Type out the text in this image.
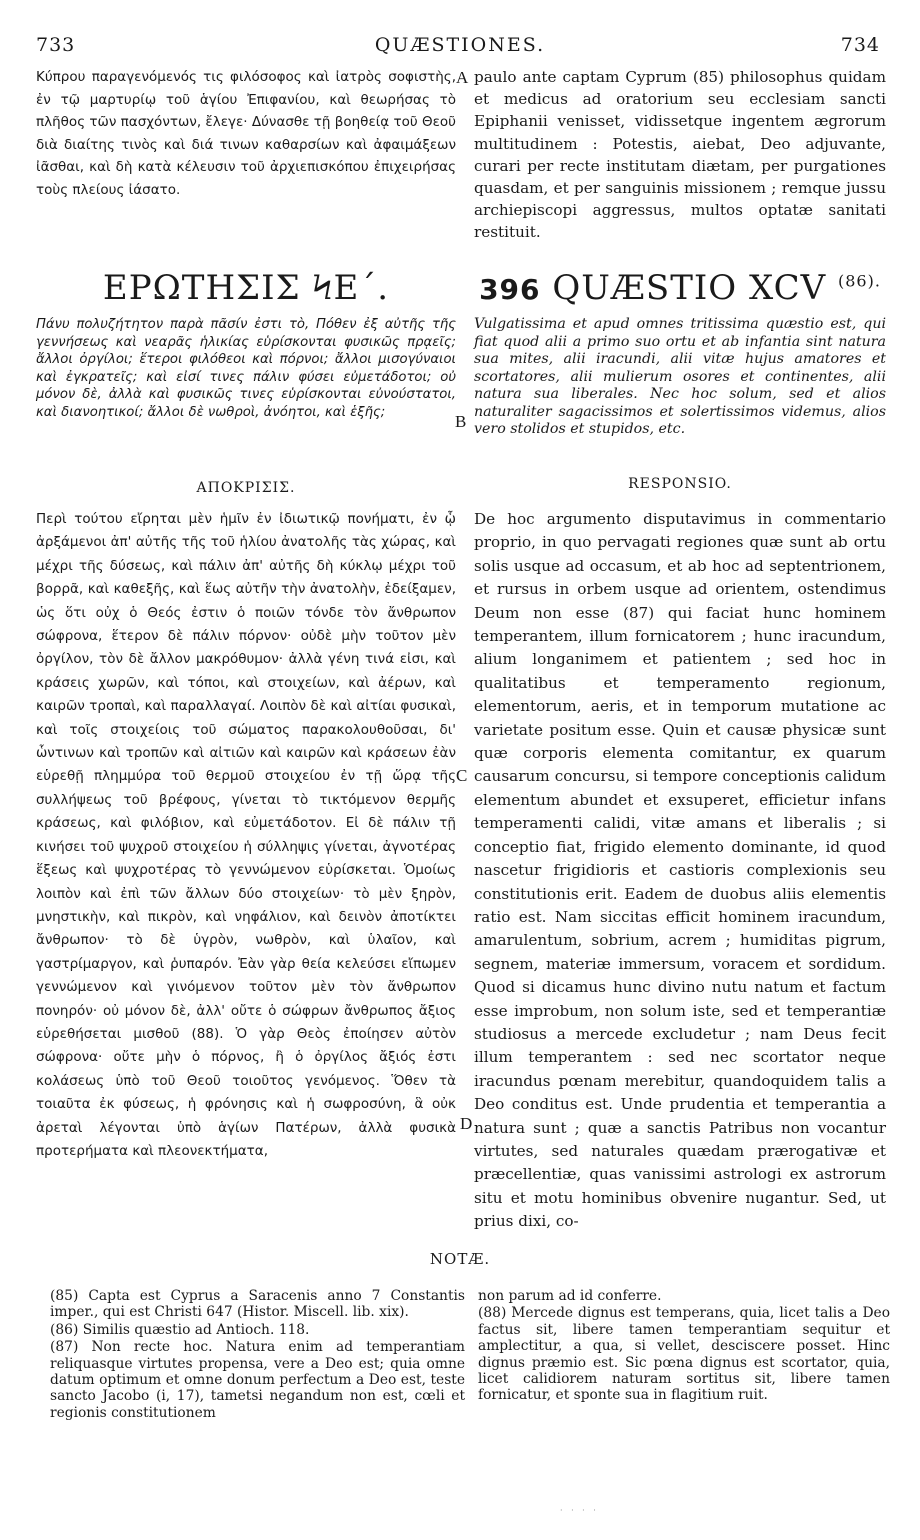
733	QUÆSTIONES.	734

Κύπρου παραγενόμενός τις φιλόσοφος καὶ ἰατρὸς σοφιστὴς, ἐν τῷ μαρτυρίῳ τοῦ ἁγίου Ἐπιφανίου, καὶ θεωρήσας τὸ πλῆθος τῶν πασχόντων, ἔλεγε· Δύνασθε τῇ βοηθείᾳ τοῦ Θεοῦ διὰ διαίτης τινὸς καὶ διά τινων καθαρσίων καὶ ἀφαιμάξεων ἰᾶσθαι, καὶ δὴ κατὰ κέλευσιν τοῦ ἀρχιεπισκόπου ἐπιχειρήσας τοὺς πλείους ἰάσατο.

A paulo ante captam Cyprum (85) philosophus quidam et medicus ad oratorium seu ecclesiam sancti Epiphanii venisset, vidissetque ingentem ægrorum multitudinem : Potestis, aiebat, Deo adjuvante, curari per recte institutam diætam, per purgationes quasdam, et per sanguinis missionem ; remque jussu archiepiscopi aggressus, multos optatæ sanitati restituit.

ΕΡΩΤΗΣΙΣ ϞΕ΄.	396 QUÆSTIO XCV $^{(86).}$

Πάνυ πολυζήτητον παρὰ πᾶσίν ἐστι τὸ, Πόθεν ἐξ αὐτῆς τῆς γεννήσεως καὶ νεαρᾶς ἡλικίας εὑρίσκονται φυσικῶς πρᾳεῖς; ἄλλοι ὀργίλοι; ἕτεροι φιλόθεοι καὶ πόρνοι; ἄλλοι μισογύναιοι καὶ ἐγκρατεῖς; καὶ εἰσί τινες πάλιν φύσει εὐμετάδοτοι; οὐ μόνον δὲ, ἀλλὰ καὶ φυσικῶς τινες εὑρίσκονται εὐνούστατοι, καὶ διανοητικοί; ἄλλοι δὲ νωθροὶ, ἀνόητοι, καὶ ἑξῆς;	B

Vulgatissima et apud omnes tritissima quæstio est, qui fiat quod alii a primo suo ortu et ab infantia sint natura sua mites, alii iracundi, alii vitæ hujus amatores et scortatores, alii mulierum osores et continentes, alii natura sua liberales. Nec hoc solum, sed et alios naturaliter sagacissimos et solertissimos videmus, alios vero stolidos et stupidos, etc.

ΑΠΟΚΡΙΣΙΣ.	RESPONSIO.

Περὶ τούτου εἴρηται μὲν ἡμῖν ἐν ἰδιωτικῷ πονήματι, ἐν ᾧ ἀρξάμενοι ἀπ' αὐτῆς τῆς τοῦ ἡλίου ἀνατολῆς τὰς χώρας, καὶ μέχρι τῆς δύσεως, καὶ πάλιν ἀπ' αὐτῆς δὴ κύκλῳ μέχρι τοῦ βορρᾶ, καὶ καθεξῆς, καὶ ἕως αὐτῆν τὴν ἀνατολὴν, ἐδείξαμεν, ὡς ὅτι οὐχ ὁ Θεός ἐστιν ὁ ποιῶν τόνδε τὸν ἄνθρωπον σώφρονα, ἕτερον δὲ πάλιν πόρνον· οὐδὲ μὴν τοῦτον μὲν ὀργίλον, τὸν δὲ ἄλλον μακρόθυμον· ἀλλὰ γένη τινά εἰσι, καὶ κράσεις χωρῶν, καὶ τόποι, καὶ στοιχείων, καὶ ἀέρων, καὶ καιρῶν τροπαὶ, καὶ παραλλαγαί. Λοιπὸν δὲ καὶ αἰτίαι φυσικαὶ, καὶ τοῖς στοιχείοις τοῦ σώματος παρακολουθοῦσαι, δι' ὧντινων καὶ τροπῶν καὶ αἰτιῶν καὶ καιρῶν καὶ κράσεων ἐὰν εὑρεθῇ πλημμύρα τοῦ θερμοῦ στοιχείου ἐν τῇ ὥρᾳ τῆς συλλήψεως τοῦ βρέφους, γίνεται τὸ τικτόμενον θερμῆς κράσεως, καὶ φιλόβιον, καὶ εὐμετάδοτον. Εἰ δὲ πάλιν τῇ κινήσει τοῦ ψυχροῦ στοιχείου ἡ σύλληψις γίνεται, ἀγνοτέρας ἕξεως καὶ ψυχροτέρας τὸ γεννώμενον εὑρίσκεται. Ὁμοίως λοιπὸν καὶ ἐπὶ τῶν ἄλλων δύο στοιχείων· τὸ μὲν ξηρὸν, μνηστικὴν, καὶ πικρὸν, καὶ νηφάλιον, καὶ δεινὸν ἀποτίκτει ἄνθρωπον· τὸ δὲ ὑγρὸν, νωθρὸν, καὶ ὑλαῖον, καὶ γαστρίμαργον, καὶ ῥυπαρόν. Ἐὰν γὰρ θεία κελεύσει εἴπωμεν γεννώμενον καὶ γινόμενον τοῦτον μὲν τὸν ἄνθρωπον πονηρόν· οὐ μόνον δὲ, ἀλλ' οὔτε ὁ σώφρων ἄνθρωπος ἄξιος εὑρεθήσεται μισθοῦ (88). Ὁ γὰρ Θεὸς ἐποίησεν αὐτὸν σώφρονα· οὔτε μὴν ὁ πόρνος, ἢ ὁ ὀργίλος ἄξιός ἐστι κολάσεως ὑπὸ τοῦ Θεοῦ τοιοῦτος γενόμενος. Ὅθεν τὰ τοιαῦτα ἐκ φύσεως, ἡ φρόνησις καὶ ἡ σωφροσύνη, ἃ οὐκ ἀρεταὶ λέγονται ὑπὸ ἁγίων Πατέρων, ἀλλὰ φυσικὰ προτερήματα καὶ πλεονεκτήματα,

C
D

De hoc argumento disputavimus in commentario proprio, in quo pervagati regiones quæ sunt ab ortu solis usque ad occasum, et ab hoc ad septentrionem, et rursus in orbem usque ad orientem, ostendimus Deum non esse (87) qui faciat hunc hominem temperantem, illum fornicatorem ; hunc iracundum, alium longanimem et patientem ; sed hoc in qualitatibus et temperamento regionum, elementorum, aeris, et in temporum mutatione ac varietate positum esse. Quin et causæ physicæ sunt quæ corporis elementa comitantur, ex quarum causarum concursu, si tempore conceptionis calidum elementum abundet et exsuperet, efficietur infans temperamenti calidi, vitæ amans et liberalis ; si conceptio fiat, frigido elemento dominante, id quod nascetur frigidioris et castioris complexionis seu constitutionis erit. Eadem de duobus aliis elementis ratio est. Nam siccitas efficit hominem iracundum, amarulentum, sobrium, acrem ; humiditas pigrum, segnem, materiæ immersum, voracem et sordidum. Quod si dicamus hunc divino nutu natum et factum esse improbum, non solum iste, sed et temperantiæ studiosus a mercede excludetur ; nam Deus fecit illum temperantem : sed nec scortator neque iracundus pœnam merebitur, quandoquidem talis a Deo conditus est. Unde prudentia et temperantia a natura sunt ; quæ a sanctis Patribus non vocantur virtutes, sed naturales quædam prærogativæ et præcellentiæ, quas vanissimi astrologi ex astrorum situ et motu hominibus obvenire nugantur. Sed, ut prius dixi, co-

NOTÆ.

(85) Capta est Cyprus a Saracenis anno 7 Constantis imper., qui est Christi 647 (Histor. Miscell. lib. xix).

(86) Similis quæstio ad Antioch. 118.

(87) Non recte hoc. Natura enim ad temperantiam reliquasque virtutes propensa, vere a Deo est; quia omne datum optimum et omne donum perfectum a Deo est, teste sancto Jacobo (i, 17), tametsi negandum non est, cœli et regionis constitutionem

non parum ad id conferre.

(88) Mercede dignus est temperans, quia, licet talis a Deo factus sit, libere tamen temperantiam sequitur et amplectitur, a qua, si vellet, desciscere posset. Hinc dignus præmio est. Sic pœna dignus est scortator, quia, licet calidiorem naturam sortitus sit, libere tamen fornicatur, et sponte sua in flagitium ruit.

· · · ·
